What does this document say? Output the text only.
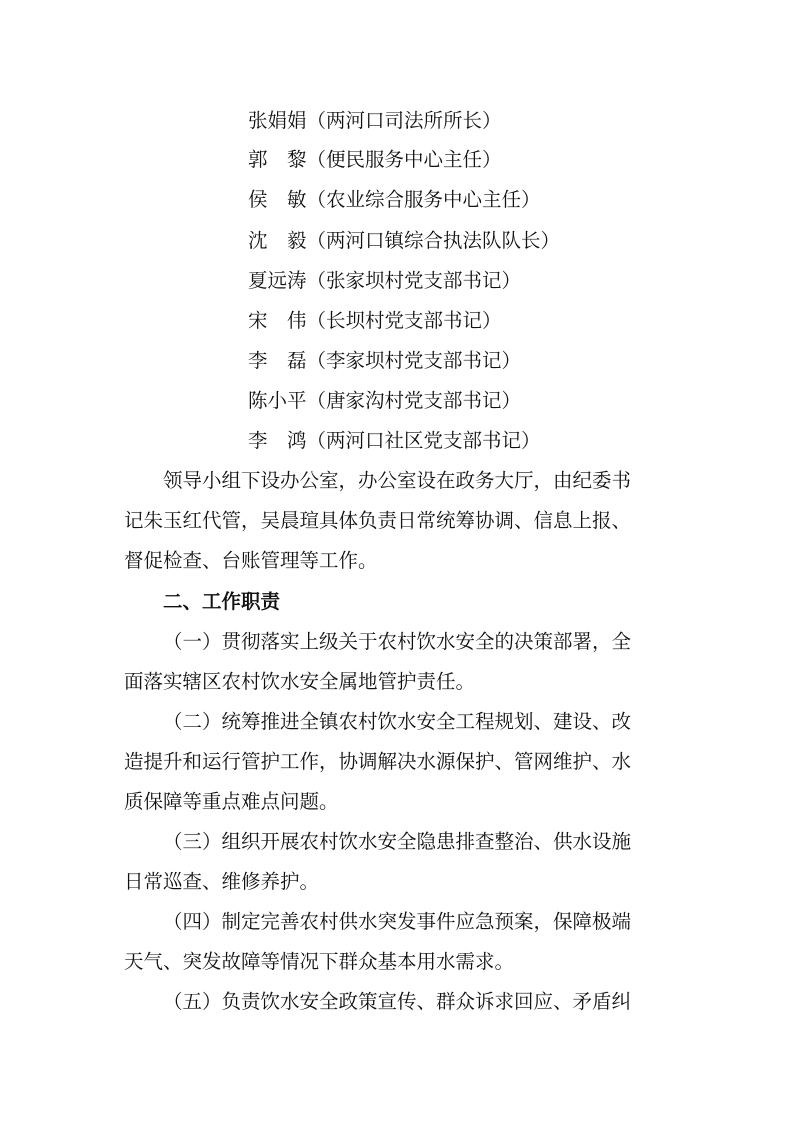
张娟娟（两河口司法所所长）
郭　黎（便民服务中心主任）
侯　敏（农业综合服务中心主任）
沈　毅（两河口镇综合执法队队长）
夏远涛（张家坝村党支部书记）
宋　伟（长坝村党支部书记）
李　磊（李家坝村党支部书记）
陈小平（唐家沟村党支部书记）
李　鸿（两河口社区党支部书记）
领导小组下设办公室，办公室设在政务大厅，由纪委书
记朱玉红代管，吴晨瑄具体负责日常统筹协调、信息上报、
督促检查、台账管理等工作。
二、工作职责
（一）贯彻落实上级关于农村饮水安全的决策部署，全
面落实辖区农村饮水安全属地管护责任。
（二）统筹推进全镇农村饮水安全工程规划、建设、改
造提升和运行管护工作，协调解决水源保护、管网维护、水
质保障等重点难点问题。
（三）组织开展农村饮水安全隐患排查整治、供水设施
日常巡查、维修养护。
（四）制定完善农村供水突发事件应急预案，保障极端
天气、突发故障等情况下群众基本用水需求。
（五）负责饮水安全政策宣传、群众诉求回应、矛盾纠
